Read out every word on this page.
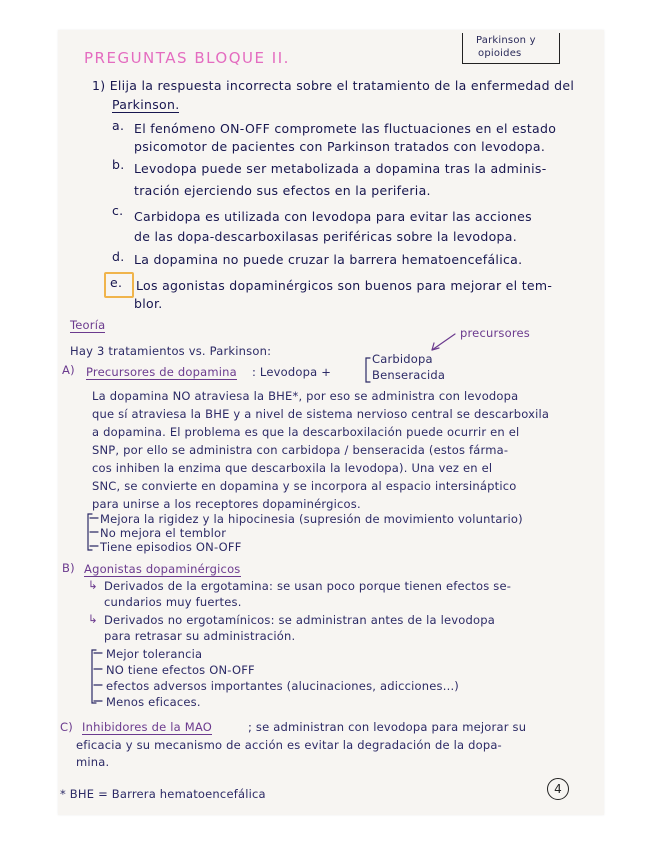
Parkinson y
opioides
PREGUNTAS BLOQUE II.
1) Elija la respuesta incorrecta sobre el tratamiento de la enfermedad del
Parkinson.
a. El fenómeno ON-OFF compromete las fluctuaciones en el estado
psicomotor de pacientes con Parkinson tratados con levodopa.
b. Levodopa puede ser metabolizada a dopamina tras la adminis-
tración ejerciendo sus efectos en la periferia.
c. Carbidopa es utilizada con levodopa para evitar las acciones
de las dopa-descarboxilasas periféricas sobre la levodopa.
d. La dopamina no puede cruzar la barrera hematoencefálica.
e. Los agonistas dopaminérgicos son buenos para mejorar el tem-
blor.
Teoría
precursores
Hay 3 tratamientos vs. Parkinson:
A) Precursores de dopamina : Levodopa +
Carbidopa
Benseracida
La dopamina NO atraviesa la BHE*, por eso se administra con levodopa
que sí atraviesa la BHE y a nivel de sistema nervioso central se descarboxila
a dopamina. El problema es que la descarboxilación puede ocurrir en el
SNP, por ello se administra con carbidopa / benseracida (estos fárma-
cos inhiben la enzima que descarboxila la levodopa). Una vez en el
SNC, se convierte en dopamina y se incorpora al espacio intersináptico
para unirse a los receptores dopaminérgicos.
Mejora la rigidez y la hipocinesia (supresión de movimiento voluntario)
No mejora el temblor
Tiene episodios ON-OFF
B) Agonistas dopaminérgicos
↳ Derivados de la ergotamina: se usan poco porque tienen efectos se-
cundarios muy fuertes.
↳ Derivados no ergotamínicos: se administran antes de la levodopa
para retrasar su administración.
Mejor tolerancia
NO tiene efectos ON-OFF
efectos adversos importantes (alucinaciones, adicciones...)
Menos eficaces.
C) Inhibidores de la MAO	; se administran con levodopa para mejorar su
eficacia y su mecanismo de acción es evitar la degradación de la dopa-
mina.
* BHE = Barrera hematoencefálica	4
